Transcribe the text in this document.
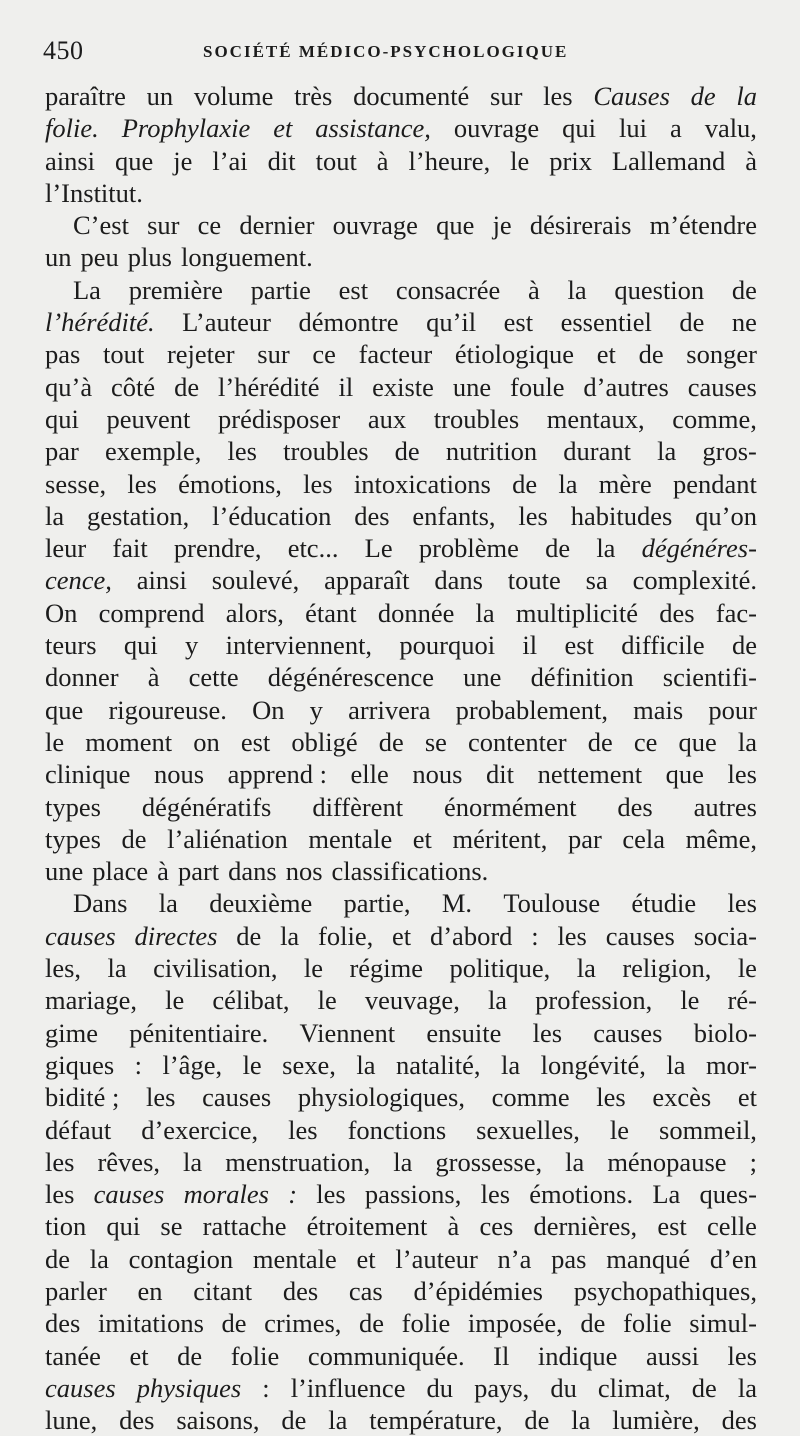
450	SOCIÉTÉ MÉDICO-PSYCHOLOGIQUE
paraître un volume très documenté sur les Causes de la
folie. Prophylaxie et assistance, ouvrage qui lui a valu,
ainsi que je l’ai dit tout à l’heure, le prix Lallemand à
l’Institut.
C’est sur ce dernier ouvrage que je désirerais m’étendre
un peu plus longuement.
La première partie est consacrée à la question de
l’hérédité. L’auteur démontre qu’il est essentiel de ne
pas tout rejeter sur ce facteur étiologique et de songer
qu’à côté de l’hérédité il existe une foule d’autres causes
qui peuvent prédisposer aux troubles mentaux, comme,
par exemple, les troubles de nutrition durant la gros-
sesse, les émotions, les intoxications de la mère pendant
la gestation, l’éducation des enfants, les habitudes qu’on
leur fait prendre, etc... Le problème de la dégénéres-
cence, ainsi soulevé, apparaît dans toute sa complexité.
On comprend alors, étant donnée la multiplicité des fac-
teurs qui y interviennent, pourquoi il est difficile de
donner à cette dégénérescence une définition scientifi-
que rigoureuse. On y arrivera probablement, mais pour
le moment on est obligé de se contenter de ce que la
clinique nous apprend : elle nous dit nettement que les
types dégénératifs diffèrent énormément des autres
types de l’aliénation mentale et méritent, par cela même,
une place à part dans nos classifications.
Dans la deuxième partie, M. Toulouse étudie les
causes directes de la folie, et d’abord : les causes socia-
les, la civilisation, le régime politique, la religion, le
mariage, le célibat, le veuvage, la profession, le ré-
gime pénitentiaire. Viennent ensuite les causes biolo-
giques : l’âge, le sexe, la natalité, la longévité, la mor-
bidité ; les causes physiologiques, comme les excès et
défaut d’exercice, les fonctions sexuelles, le sommeil,
les rêves, la menstruation, la grossesse, la ménopause ;
les causes morales : les passions, les émotions. La ques-
tion qui se rattache étroitement à ces dernières, est celle
de la contagion mentale et l’auteur n’a pas manqué d’en
parler en citant des cas d’épidémies psychopathiques,
des imitations de crimes, de folie imposée, de folie simul-
tanée et de folie communiquée. Il indique aussi les
causes physiques : l’influence du pays, du climat, de la
lune, des saisons, de la température, de la lumière, des
